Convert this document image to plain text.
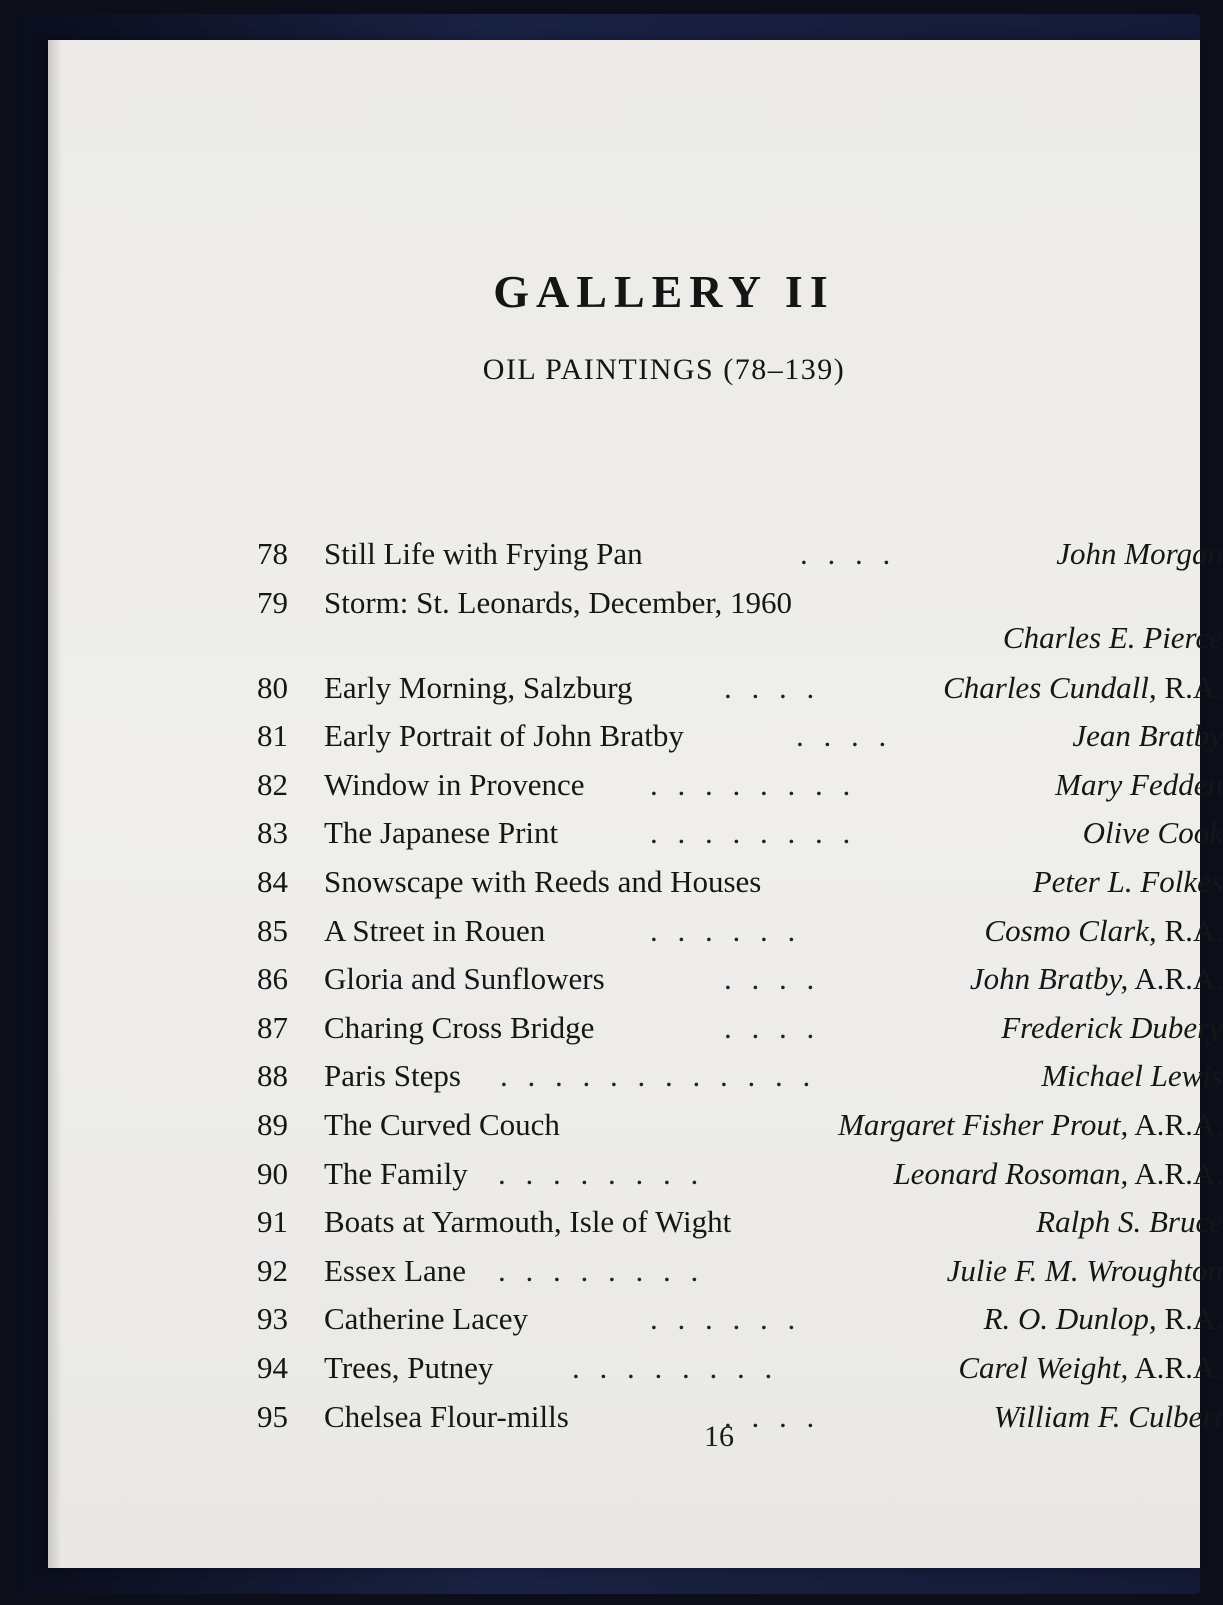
GALLERY II
OIL PAINTINGS (78–139)
78 Still Life with Frying Pan	. . . .	John Morgan
79 Storm: St. Leonards, December, 1960
Charles E. Pierce
80 Early Morning, Salzburg	. . . .	Charles Cundall, R.A.
81 Early Portrait of John Bratby	. . . .	Jean Bratby
82 Window in Provence . . . . . . . .	Mary Fedden
83 The Japanese Print	. . . . . . . .	Olive Cook
84 Snowscape with Reeds and Houses	Peter L. Folkes
85 A Street in Rouen	. . . . . .	Cosmo Clark, R.A.
86 Gloria and Sunflowers	. . . .	John Bratby, A.R.A.
87 Charing Cross Bridge	. . . .	Frederick Dubery
88 Paris Steps . . . . . . . . . . . .	Michael Lewis
89 The Curved Couch	Margaret Fisher Prout, A.R.A.
90 The Family . . . . . . . .	Leonard Rosoman, A.R.A.
91 Boats at Yarmouth, Isle of Wight	Ralph S. Bruce
92 Essex Lane . . . . . . . .	Julie F. M. Wroughton
93 Catherine Lacey	. . . . . .	R. O. Dunlop, R.A.
94 Trees, Putney	. . . . . . . .	Carel Weight, A.R.A.
95 Chelsea Flour-mills	. . . .	William F. Culbert
16
